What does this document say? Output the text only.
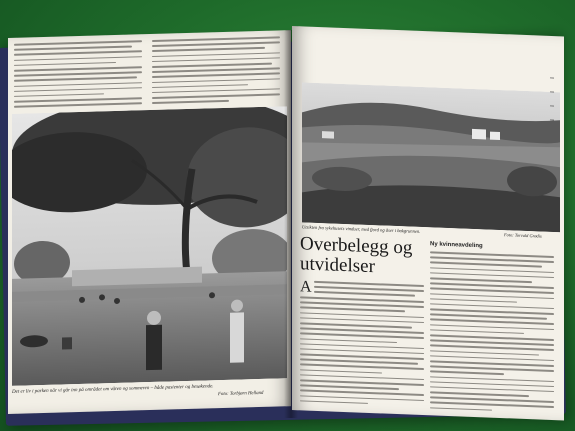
Det er liv i parken når vi går inn på området om våren og sommeren – både pasienter og besøkende. Foto: Torbjørn Helland
Utsikten fra sykehusets vinduer, med fjord og åser i bakgrunnen.
Foto: Torvald Grødis
Overbelegg og
utvidelser
Ny kvinneavdeling
A
